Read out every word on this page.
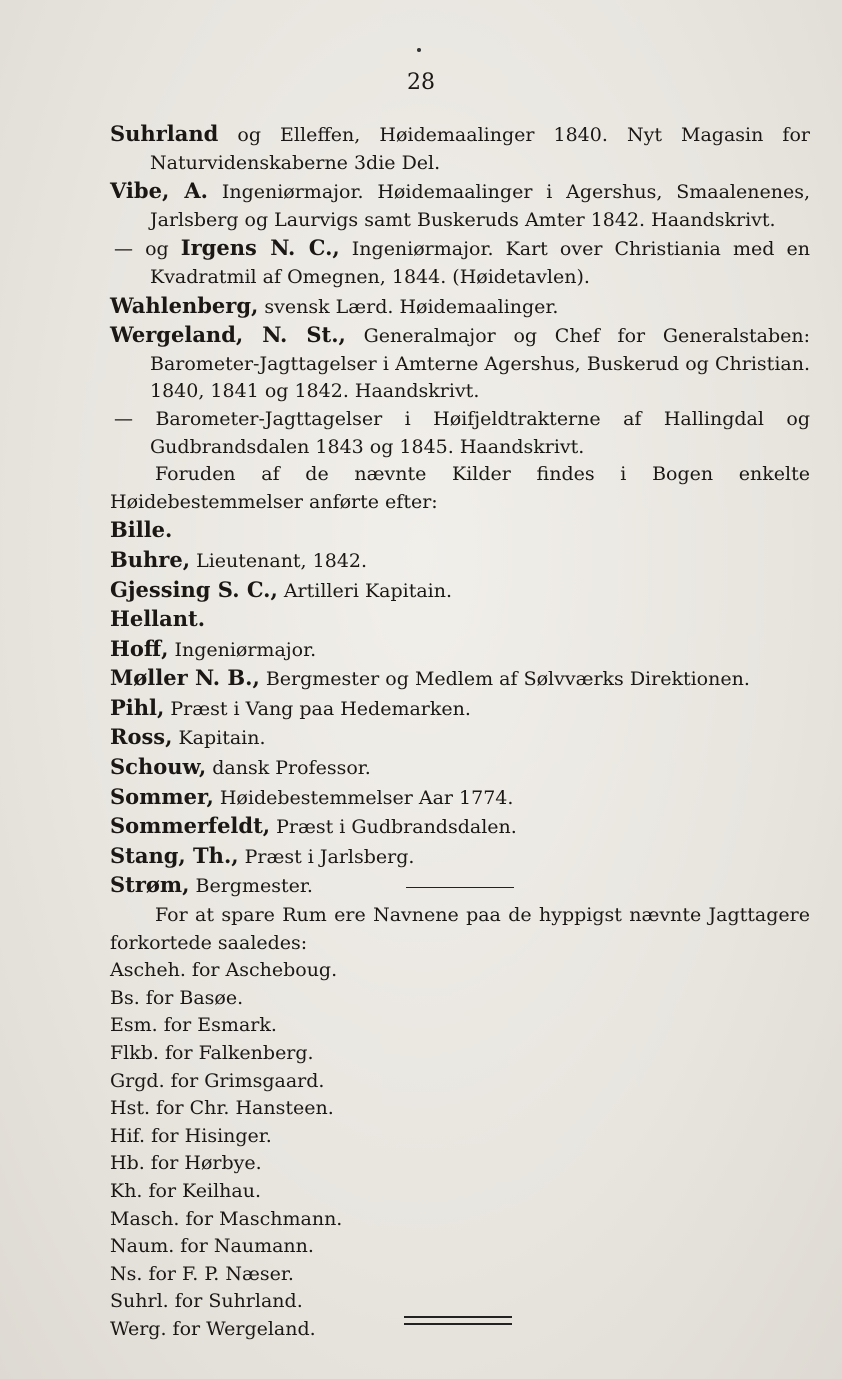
28

Suhrland og Elleffen, Høidemaalinger 1840. Nyt Magasin for Naturvidenskaberne 3die Del.

Vibe, A. Ingeniørmajor. Høidemaalinger i Agershus, Smaalenenes, Jarlsberg og Laurvigs samt Buskeruds Amter 1842. Haandskrivt.

— og Irgens N. C., Ingeniørmajor. Kart over Christiania med en Kvadratmil af Omegnen, 1844. (Høidetavlen).

Wahlenberg, svensk Lærd. Høidemaalinger.

Wergeland, N. St., Generalmajor og Chef for Generalstaben: Barometer-Jagttagelser i Amterne Agershus, Buskerud og Christian. 1840, 1841 og 1842. Haandskrivt.

— Barometer-Jagttagelser i Høifjeldtrakterne af Hallingdal og Gudbrandsdalen 1843 og 1845. Haandskrivt.

Foruden af de nævnte Kilder findes i Bogen enkelte Høidebestemmelser anførte efter:

Bille.

Buhre, Lieutenant, 1842.

Gjessing S. C., Artilleri Kapitain.

Hellant.

Hoff, Ingeniørmajor.

Møller N. B., Bergmester og Medlem af Sølvværks Direktionen.

Pihl, Præst i Vang paa Hedemarken.

Ross, Kapitain.

Schouw, dansk Professor.

Sommer, Høidebestemmelser Aar 1774.

Sommerfeldt, Præst i Gudbrandsdalen.

Stang, Th., Præst i Jarlsberg.

Strøm, Bergmester.

For at spare Rum ere Navnene paa de hyppigst nævnte Jagttagere forkortede saaledes:

Ascheh. for Ascheboug.

Bs. for Basøe.

Esm. for Esmark.

Flkb. for Falkenberg.

Grgd. for Grimsgaard.

Hst. for Chr. Hansteen.

Hif. for Hisinger.

Hb. for Hørbye.

Kh. for Keilhau.

Masch. for Maschmann.

Naum. for Naumann.

Ns. for F. P. Næser.

Suhrl. for Suhrland.

Werg. for Wergeland.
